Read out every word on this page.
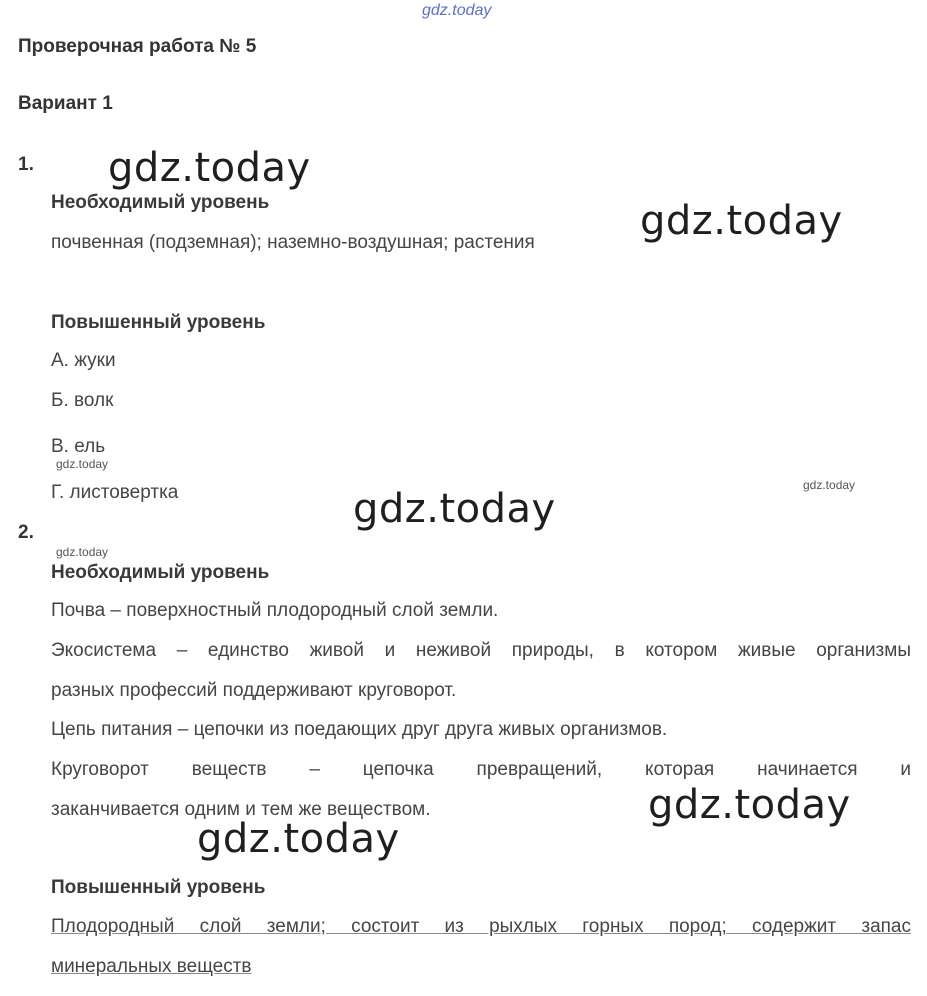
gdz.today
Проверочная работа № 5
Вариант 1
1. gdz.today
Необходимый уровень	gdz.today
почвенная (подземная); наземно-воздушная; растения
Повышенный уровень
А. жуки
Б. волк
В. ель
gdz.today
Г. листовертка	gdz.today
gdz.today
2.
gdz.today
Необходимый уровень
Почва – поверхностный плодородный слой земли.
Экосистема – единство живой и неживой природы, в котором живые организмы
разных профессий поддерживают круговорот.
Цепь питания – цепочки из поедающих друг друга живых организмов.
Круговорот веществ – цепочка превращений, которая начинается и
заканчивается одним и тем же веществом.	gdz.today
gdz.today
Повышенный уровень
Плодородный слой земли; состоит из рыхлых горных пород; содержит запас
минеральных веществ
